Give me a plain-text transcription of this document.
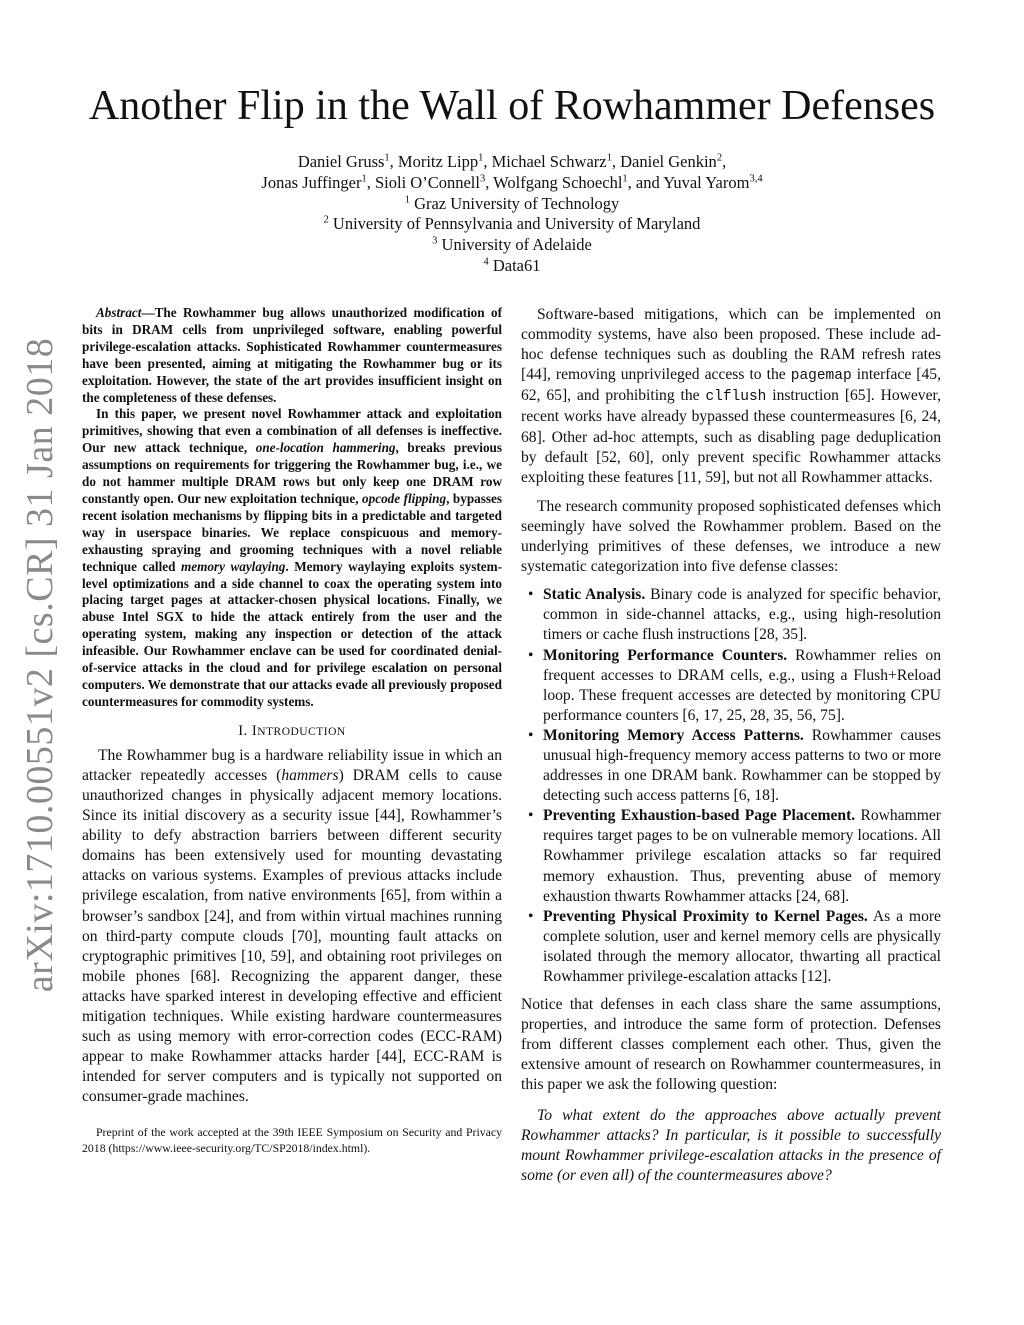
arXiv:1710.00551v2 [cs.CR] 31 Jan 2018
Another Flip in the Wall of Rowhammer Defenses
Daniel Gruss$^1$, Moritz Lipp$^1$, Michael Schwarz$^1$, Daniel Genkin$^2$,
Jonas Juffinger$^1$, Sioli O’Connell$^3$, Wolfgang Schoechl$^1$, and Yuval Yarom$^{3,4}$
$^1$ Graz University of Technology
$^2$ University of Pennsylvania and University of Maryland
$^3$ University of Adelaide
$^4$ Data61

Abstract—The Rowhammer bug allows unauthorized modification of bits in DRAM cells from unprivileged software, enabling powerful privilege-escalation attacks. Sophisticated Rowhammer countermeasures have been presented, aiming at mitigating the Rowhammer bug or its exploitation. However, the state of the art provides insufficient insight on the completeness of these defenses.
In this paper, we present novel Rowhammer attack and exploitation primitives, showing that even a combination of all defenses is ineffective. Our new attack technique, one-location hammering, breaks previous assumptions on requirements for triggering the Rowhammer bug, i.e., we do not hammer multiple DRAM rows but only keep one DRAM row constantly open. Our new exploitation technique, opcode flipping, bypasses recent isolation mechanisms by flipping bits in a predictable and targeted way in userspace binaries. We replace conspicuous and memory-exhausting spraying and grooming techniques with a novel reliable technique called memory waylaying. Memory waylaying exploits system-level optimizations and a side channel to coax the operating system into placing target pages at attacker-chosen physical locations. Finally, we abuse Intel SGX to hide the attack entirely from the user and the operating system, making any inspection or detection of the attack infeasible. Our Rowhammer enclave can be used for coordinated denial-of-service attacks in the cloud and for privilege escalation on personal computers. We demonstrate that our attacks evade all previously proposed countermeasures for commodity systems.

I. INTRODUCTION

The Rowhammer bug is a hardware reliability issue in which an attacker repeatedly accesses (hammers) DRAM cells to cause unauthorized changes in physically adjacent memory locations. Since its initial discovery as a security issue [44], Rowhammer’s ability to defy abstraction barriers between different security domains has been extensively used for mounting devastating attacks on various systems. Examples of previous attacks include privilege escalation, from native environments [65], from within a browser’s sandbox [24], and from within virtual machines running on third-party compute clouds [70], mounting fault attacks on cryptographic primitives [10, 59], and obtaining root privileges on mobile phones [68]. Recognizing the apparent danger, these attacks have sparked interest in developing effective and efficient mitigation techniques. While existing hardware countermeasures such as using memory with error-correction codes (ECC-RAM) appear to make Rowhammer attacks harder [44], ECC-RAM is intended for server computers and is typically not supported on consumer-grade machines.

Preprint of the work accepted at the 39th IEEE Symposium on Security and Privacy 2018 (https://www.ieee-security.org/TC/SP2018/index.html).

Software-based mitigations, which can be implemented on commodity systems, have also been proposed. These include ad-hoc defense techniques such as doubling the RAM refresh rates [44], removing unprivileged access to the pagemap interface [45, 62, 65], and prohibiting the clflush instruction [65]. However, recent works have already bypassed these countermeasures [6, 24, 68]. Other ad-hoc attempts, such as disabling page deduplication by default [52, 60], only prevent specific Rowhammer attacks exploiting these features [11, 59], but not all Rowhammer attacks.

The research community proposed sophisticated defenses which seemingly have solved the Rowhammer problem. Based on the underlying primitives of these defenses, we introduce a new systematic categorization into five defense classes:

• Static Analysis. Binary code is analyzed for specific behavior, common in side-channel attacks, e.g., using high-resolution timers or cache flush instructions [28, 35].
• Monitoring Performance Counters. Rowhammer relies on frequent accesses to DRAM cells, e.g., using a Flush+Reload loop. These frequent accesses are detected by monitoring CPU performance counters [6, 17, 25, 28, 35, 56, 75].
• Monitoring Memory Access Patterns. Rowhammer causes unusual high-frequency memory access patterns to two or more addresses in one DRAM bank. Rowhammer can be stopped by detecting such access patterns [6, 18].
• Preventing Exhaustion-based Page Placement. Rowhammer requires target pages to be on vulnerable memory locations. All Rowhammer privilege escalation attacks so far required memory exhaustion. Thus, preventing abuse of memory exhaustion thwarts Rowhammer attacks [24, 68].
• Preventing Physical Proximity to Kernel Pages. As a more complete solution, user and kernel memory cells are physically isolated through the memory allocator, thwarting all practical Rowhammer privilege-escalation attacks [12].

Notice that defenses in each class share the same assumptions, properties, and introduce the same form of protection. Defenses from different classes complement each other. Thus, given the extensive amount of research on Rowhammer countermeasures, in this paper we ask the following question:

To what extent do the approaches above actually prevent Rowhammer attacks? In particular, is it possible to successfully mount Rowhammer privilege-escalation attacks in the presence of some (or even all) of the countermeasures above?
